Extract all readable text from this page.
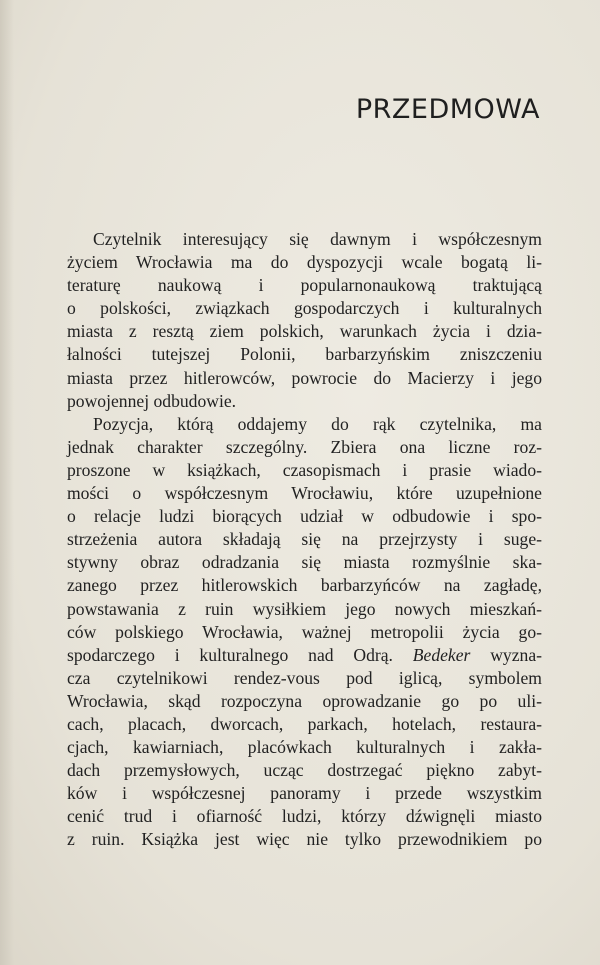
PRZEDMOWA
Czytelnik interesujący się dawnym i współczesnym
życiem Wrocławia ma do dyspozycji wcale bogatą li-
teraturę naukową i popularnonaukową traktującą
o polskości, związkach gospodarczych i kulturalnych
miasta z resztą ziem polskich, warunkach życia i dzia-
łalności tutejszej Polonii, barbarzyńskim zniszczeniu
miasta przez hitlerowców, powrocie do Macierzy i jego
powojennej odbudowie.
Pozycja, którą oddajemy do rąk czytelnika, ma
jednak charakter szczególny. Zbiera ona liczne roz-
proszone w książkach, czasopismach i prasie wiado-
mości o współczesnym Wrocławiu, które uzupełnione
o relacje ludzi biorących udział w odbudowie i spo-
strzeżenia autora składają się na przejrzysty i suge-
stywny obraz odradzania się miasta rozmyślnie ska-
zanego przez hitlerowskich barbarzyńców na zagładę,
powstawania z ruin wysiłkiem jego nowych mieszkań-
ców polskiego Wrocławia, ważnej metropolii życia go-
spodarczego i kulturalnego nad Odrą. Bedeker wyzna-
cza czytelnikowi rendez-vous pod iglicą, symbolem
Wrocławia, skąd rozpoczyna oprowadzanie go po uli-
cach, placach, dworcach, parkach, hotelach, restaura-
cjach, kawiarniach, placówkach kulturalnych i zakła-
dach przemysłowych, ucząc dostrzegać piękno zabyt-
ków i współczesnej panoramy i przede wszystkim
cenić trud i ofiarność ludzi, którzy dźwignęli miasto
z ruin. Książka jest więc nie tylko przewodnikiem po
